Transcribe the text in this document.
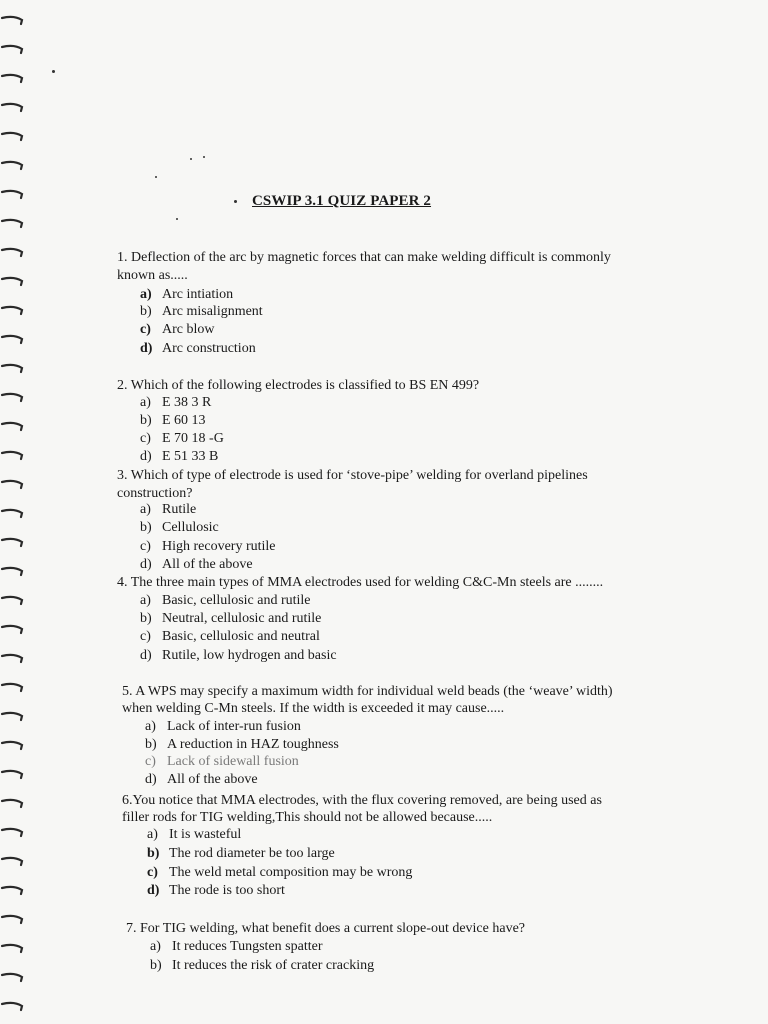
CSWIP 3.1 QUIZ PAPER 2
1. Deflection of the arc by magnetic forces that can make welding difficult is commonly
known as.....
a) Arc intiation
b) Arc misalignment
c) Arc blow
d) Arc construction
2. Which of the following electrodes is classified to BS EN 499?
a) E 38 3 R
b) E 60 13
c) E 70 18 -G
d) E 51 33 B
3. Which of type of electrode is used for ‘stove-pipe’ welding for overland pipelines
construction?
a) Rutile
b) Cellulosic
c) High recovery rutile
d) All of the above
4. The three main types of MMA electrodes used for welding C&C-Mn steels are ........
a) Basic, cellulosic and rutile
b) Neutral, cellulosic and rutile
c) Basic, cellulosic and neutral
d) Rutile, low hydrogen and basic
5. A WPS may specify a maximum width for individual weld beads (the ‘weave’ width)
when welding C-Mn steels. If the width is exceeded it may cause.....
a) Lack of inter-run fusion
b) A reduction in HAZ toughness
c) Lack of sidewall fusion
d) All of the above
6.You notice that MMA electrodes, with the flux covering removed, are being used as
filler rods for TIG welding,This should not be allowed because.....
a) It is wasteful
b) The rod diameter be too large
c) The weld metal composition may be wrong
d) The rode is too short
7. For TIG welding, what benefit does a current slope-out device have?
a) It reduces Tungsten spatter
b) It reduces the risk of crater cracking
